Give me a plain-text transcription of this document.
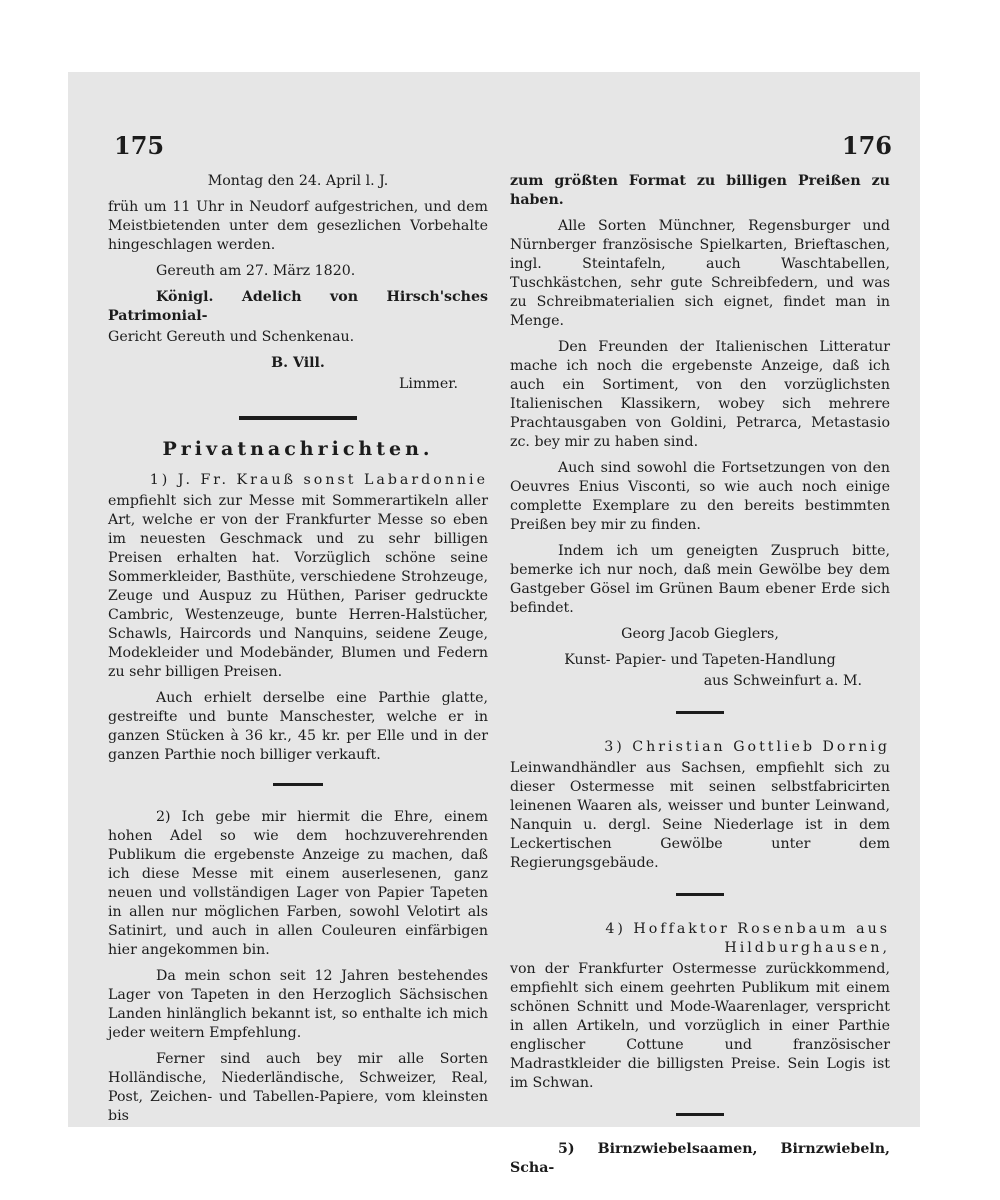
175	176

Montag den 24. April l. J.

früh um 11 Uhr in Neudorf aufgestrichen, und dem Meistbietenden unter dem gesezlichen Vorbehalte hingeschlagen werden.

Gereuth am 27. März 1820.

Königl. Adelich von Hirsch'sches Patrimonial-

Gericht Gereuth und Schenkenau.

B. Vill.

Limmer.

Privatnachrichten.

1) J. Fr. Krauß sonst Labardonnie

empfiehlt sich zur Messe mit Sommerartikeln aller Art, welche er von der Frankfurter Messe so eben im neuesten Geschmack und zu sehr billigen Preisen erhalten hat. Vorzüglich schöne seine Sommerkleider, Basthüte, verschiedene Strohzeuge, Zeuge und Auspuz zu Hüthen, Pariser gedruckte Cambric, Westenzeuge, bunte Herren-Halstücher, Schawls, Haircords und Nanquins, seidene Zeuge, Modekleider und Modebänder, Blumen und Federn zu sehr billigen Preisen.

Auch erhielt derselbe eine Parthie glatte, gestreifte und bunte Manschester, welche er in ganzen Stücken à 36 kr., 45 kr. per Elle und in der ganzen Parthie noch billiger verkauft.

2) Ich gebe mir hiermit die Ehre, einem hohen Adel so wie dem hochzuverehrenden Publikum die ergebenste Anzeige zu machen, daß ich diese Messe mit einem auserlesenen, ganz neuen und vollständigen Lager von Papier Tapeten in allen nur möglichen Farben, sowohl Velotirt als Satinirt, und auch in allen Couleuren einfärbigen hier angekommen bin.

Da mein schon seit 12 Jahren bestehendes Lager von Tapeten in den Herzoglich Sächsischen Landen hinlänglich bekannt ist, so enthalte ich mich jeder weitern Empfehlung.

Ferner sind auch bey mir alle Sorten Holländische, Niederländische, Schweizer, Real, Post, Zeichen- und Tabellen-Papiere, vom kleinsten bis

zum größten Format zu billigen Preißen zu haben.

Alle Sorten Münchner, Regensburger und Nürnberger französische Spielkarten, Brieftaschen, ingl. Steintafeln, auch Waschtabellen, Tuschkästchen, sehr gute Schreibfedern, und was zu Schreibmaterialien sich eignet, findet man in Menge.

Den Freunden der Italienischen Litteratur mache ich noch die ergebenste Anzeige, daß ich auch ein Sortiment, von den vorzüglichsten Italienischen Klassikern, wobey sich mehrere Prachtausgaben von Goldini, Petrarca, Metastasio zc. bey mir zu haben sind.

Auch sind sowohl die Fortsetzungen von den Oeuvres Enius Visconti, so wie auch noch einige complette Exemplare zu den bereits bestimmten Preißen bey mir zu finden.

Indem ich um geneigten Zuspruch bitte, bemerke ich nur noch, daß mein Gewölbe bey dem Gastgeber Gösel im Grünen Baum ebener Erde sich befindet.

Georg Jacob Gieglers,

Kunst- Papier- und Tapeten-Handlung

aus Schweinfurt a. M.

3) Christian Gottlieb Dornig

Leinwandhändler aus Sachsen, empfiehlt sich zu dieser Ostermesse mit seinen selbstfabricirten leinenen Waaren als, weisser und bunter Leinwand, Nanquin u. dergl. Seine Niederlage ist in dem Leckertischen Gewölbe unter dem Regierungsgebäude.

4) Hoffaktor Rosenbaum aus Hildburghausen,

von der Frankfurter Ostermesse zurückkommend, empfiehlt sich einem geehrten Publikum mit einem schönen Schnitt und Mode-Waarenlager, verspricht in allen Artikeln, und vorzüglich in einer Parthie englischer Cottune und französischer Madrastkleider die billigsten Preise. Sein Logis ist im Schwan.

5) Birnzwiebelsaamen, Birnzwiebeln, Scha-
